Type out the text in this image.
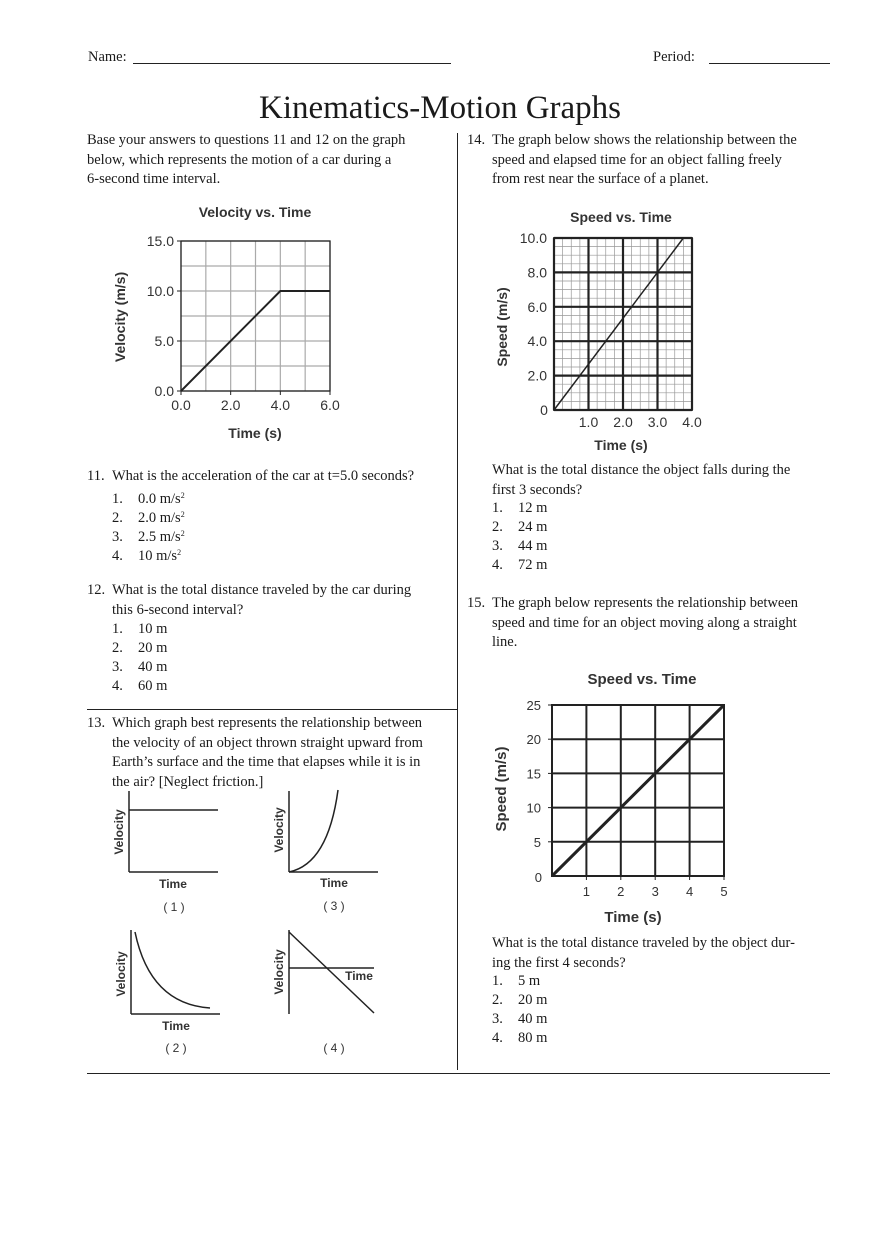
Name:	Period:
Kinematics-Motion Graphs
Base your answers to questions 11 and 12 on the graph
below, which represents the motion of a car during a
6-second time interval.
Velocity vs. Time
0.0 2.0 4.0 6.0
0.0
5.0
10.0
15.0
Time (s)
Velocity (m/s)
11. What is the acceleration of the car at t=5.0 seconds?
1. 0.0 $m/s^2$
2. 2.0 $m/s^2$
3. 2.5 $m/s^2$
4. 10 $m/s^2$
12. What is the total distance traveled by the car during
this 6-second interval?
1. 10 m
2. 20 m
3. 40 m
4. 60 m
13. Which graph best represents the relationship between
the velocity of an object thrown straight upward from
Earth’s surface and the time that elapses while it is in
the air? [Neglect friction.]
Velocity
Time
( 1 )
Velocity
Time
( 3 )
Velocity
Time
( 2 )
Velocity	Time
( 4 )
14. The graph below shows the relationship between the
speed and elapsed time for an object falling freely
from rest near the surface of a planet.
Speed vs. Time
1.0 2.0 3.0 4.0
2.0
4.0
6.0
8.0
10.0
0
Time (s)
Speed (m/s)
What is the total distance the object falls during the
first 3 seconds?
1. 12 m
2. 24 m
3. 44 m
4. 72 m
15. The graph below represents the relationship between
speed and time for an object moving along a straight
line.
Speed vs. Time
1 2 3 4 5
5
10
15
20
25
0
Time (s)
Speed (m/s)
What is the total distance traveled by the object dur-
ing the first 4 seconds?
1. 5 m
2. 20 m
3. 40 m
4. 80 m
